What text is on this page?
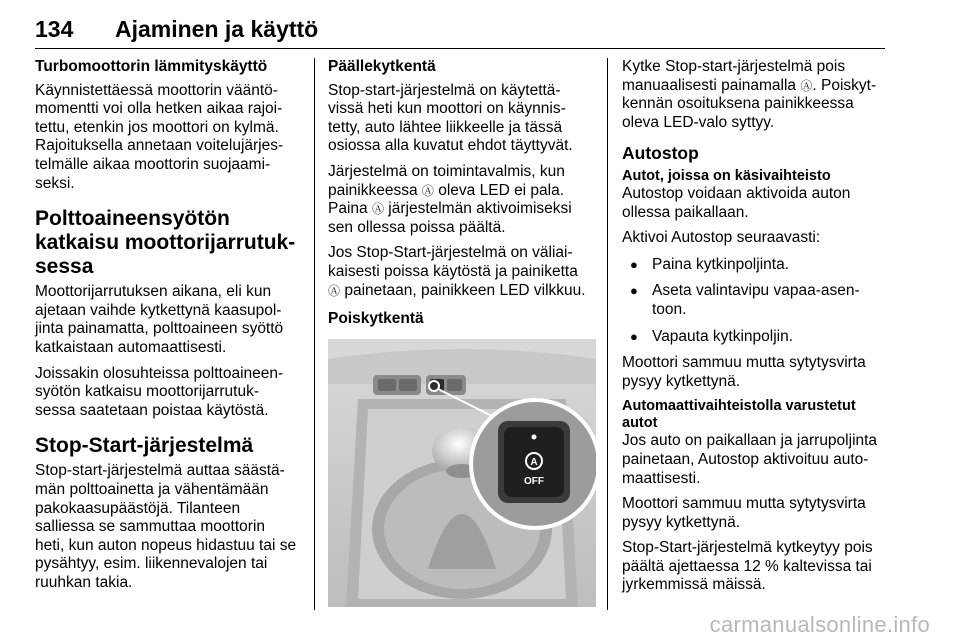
134 Ajaminen ja käyttö
Turbomoottorin lämmityskäyttö

Käynnistettäessä moottorin vääntö-
momentti voi olla hetken aikaa rajoi-
tettu, etenkin jos moottori on kylmä.
Rajoituksella annetaan voitelujärjes-
telmälle aikaa moottorin suojaami-
seksi.

Polttoaineensyötön
katkaisu moottorijarrutuk-
sessa

Moottorijarrutuksen aikana, eli kun
ajetaan vaihde kytkettynä kaasupol-
jinta painamatta, polttoaineen syöttö
katkaistaan automaattisesti.

Joissakin olosuhteissa polttoaineen-
syötön katkaisu moottorijarrutuk-
sessa saatetaan poistaa käytöstä.

Stop-Start-järjestelmä

Stop-start-järjestelmä auttaa säästä-
män polttoainetta ja vähentämään
pakokaasupäästöjä. Tilanteen
salliessa se sammuttaa moottorin
heti, kun auton nopeus hidastuu tai se
pysähtyy, esim. liikennevalojen tai
ruuhkan takia.

Päällekytkentä

Stop-start-järjestelmä on käytettä-
vissä heti kun moottori on käynnis-
tetty, auto lähtee liikkeelle ja tässä
osiossa alla kuvatut ehdot täyttyvät.

Järjestelmä on toimintavalmis, kun
painikkeessa Ⓐ oleva LED ei pala.
Paina Ⓐ järjestelmän aktivoimiseksi
sen ollessa poissa päältä.

Jos Stop-Start-järjestelmä on väliai-
kaisesti poissa käytöstä ja painiketta
Ⓐ painetaan, painikkeen LED vilkkuu.

Poiskytkentä
A
OFF

Kytke Stop-start-järjestelmä pois
manuaalisesti painamalla Ⓐ. Poiskyt-
kennän osoituksena painikkeessa
oleva LED-valo syttyy.

Autostop
Autot, joissa on käsivaihteisto

Autostop voidaan aktivoida auton
ollessa paikallaan.

Aktivoi Autostop seuraavasti:

● Paina kytkinpoljinta.
● Aseta valintavipu vapaa-asen-
toon.
● Vapauta kytkinpoljin.

Moottori sammuu mutta sytytysvirta
pysyy kytkettynä.

Automaattivaihteistolla varustetut
autot

Jos auto on paikallaan ja jarrupoljinta
painetaan, Autostop aktivoituu auto-
maattisesti.

Moottori sammuu mutta sytytysvirta
pysyy kytkettynä.

Stop-Start-järjestelmä kytkeytyy pois
päältä ajettaessa 12 % kaltevissa tai
jyrkemmissä mäissä.

carmanualsonline.info
